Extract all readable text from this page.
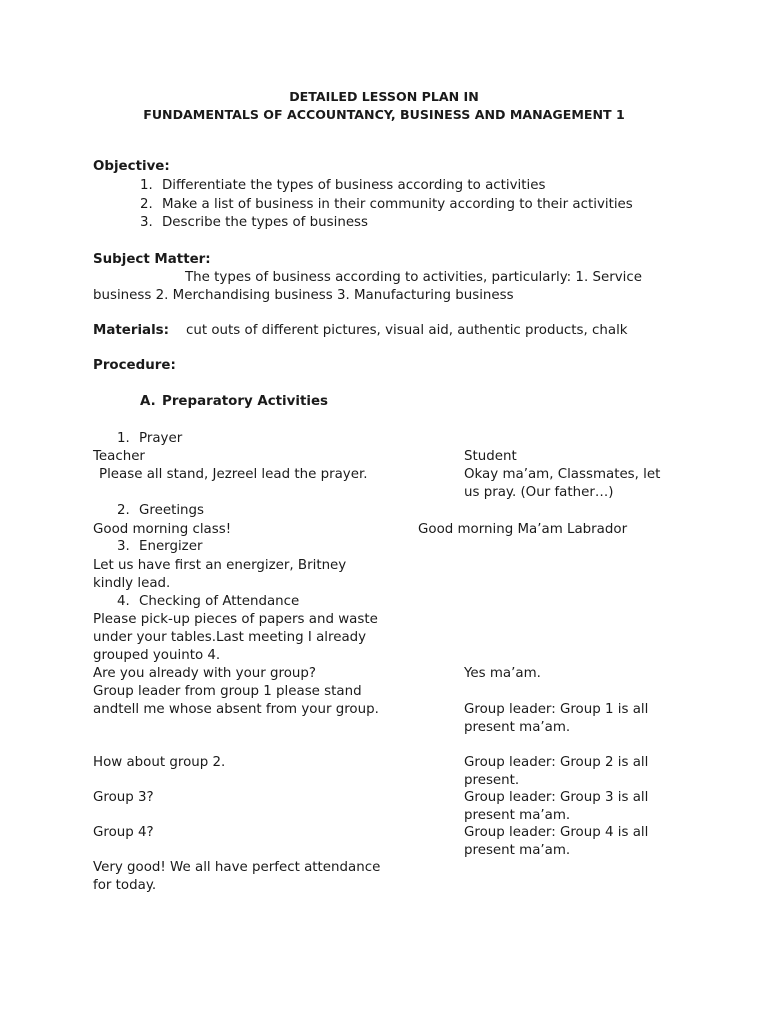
DETAILED LESSON PLAN IN
FUNDAMENTALS OF ACCOUNTANCY, BUSINESS AND MANAGEMENT 1
Objective:
1. Differentiate the types of business according to activities
2. Make a list of business in their community according to their activities
3. Describe the types of business
Subject Matter:
The types of business according to activities, particularly: 1. Service
business 2. Merchandising business 3. Manufacturing business
Materials: cut outs of different pictures, visual aid, authentic products, chalk
Procedure:
A. Preparatory Activities
1. Prayer
Teacher	Student
Please all stand, Jezreel lead the prayer.	Okay ma’am, Classmates, let
us pray. (Our father…)
2. Greetings
Good morning class!	Good morning Ma’am Labrador
3. Energizer
Let us have first an energizer, Britney
kindly lead.
4. Checking of Attendance
Please pick-up pieces of papers and waste
under your tables.Last meeting I already
grouped youinto 4.
Are you already with your group?	Yes ma’am.
Group leader from group 1 please stand
andtell me whose absent from your group.	Group leader: Group 1 is all
present ma’am.
How about group 2.	Group leader: Group 2 is all
present.
Group 3?	Group leader: Group 3 is all
present ma’am.
Group 4?	Group leader: Group 4 is all
present ma’am.
Very good! We all have perfect attendance
for today.
